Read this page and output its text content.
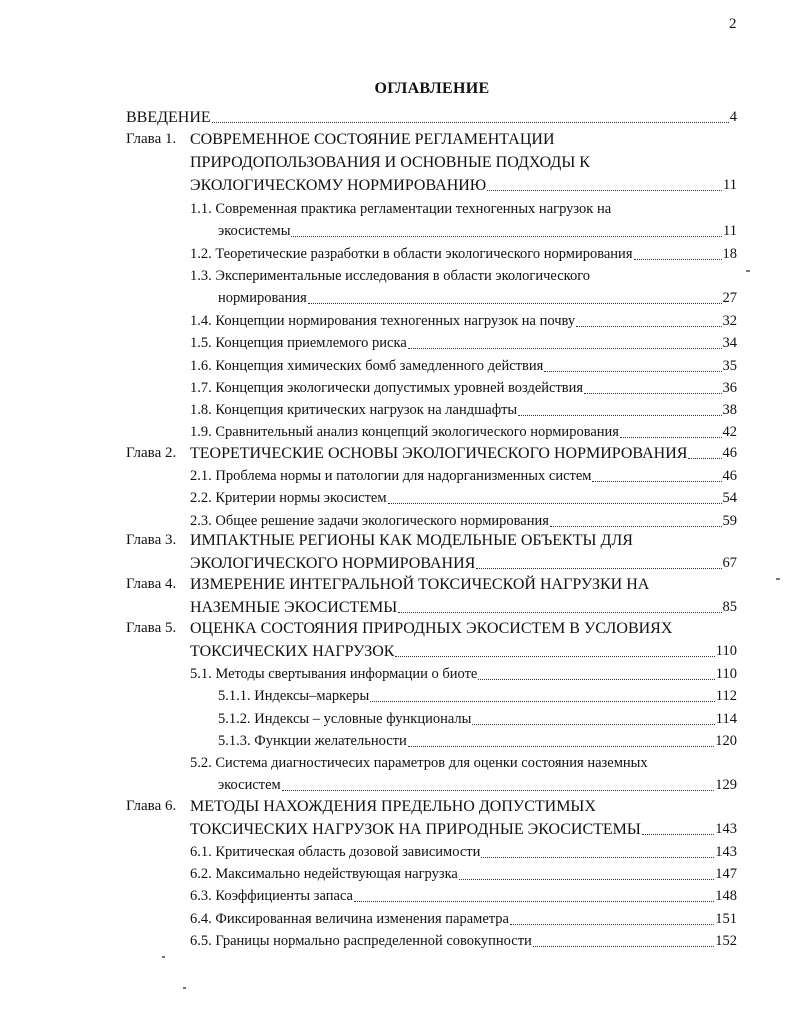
2
ОГЛАВЛЕНИЕ
ВВЕДЕНИЕ	4
Глава 1. СОВРЕМЕННОЕ СОСТОЯНИЕ РЕГЛАМЕНТАЦИИ
ПРИРОДОПОЛЬЗОВАНИЯ И ОСНОВНЫЕ ПОДХОДЫ К
ЭКОЛОГИЧЕСКОМУ НОРМИРОВАНИЮ	11
1.1. Современная практика регламентации техногенных нагрузок на
экосистемы	11
1.2. Теоретические разработки в области экологического нормирования	18
1.3. Экспериментальные исследования в области экологического
нормирования	27
1.4. Концепции нормирования техногенных нагрузок на почву	32
1.5. Концепция приемлемого риска	34
1.6. Концепция химических бомб замедленного действия	35
1.7. Концепция экологически допустимых уровней воздействия	36
1.8. Концепция критических нагрузок на ландшафты	38
1.9. Сравнительный анализ концепций экологического нормирования	42
Глава 2. ТЕОРЕТИЧЕСКИЕ ОСНОВЫ ЭКОЛОГИЧЕСКОГО НОРМИРОВАНИЯ 46
2.1. Проблема нормы и патологии для надорганизменных систем	46
2.2. Критерии нормы экосистем	54
2.3. Общее решение задачи экологического нормирования	59
Глава 3. ИМПАКТНЫЕ РЕГИОНЫ КАК МОДЕЛЬНЫЕ ОБЪЕКТЫ ДЛЯ
ЭКОЛОГИЧЕСКОГО НОРМИРОВАНИЯ	67
Глава 4. ИЗМЕРЕНИЕ ИНТЕГРАЛЬНОЙ ТОКСИЧЕСКОЙ НАГРУЗКИ НА
НАЗЕМНЫЕ ЭКОСИСТЕМЫ	85
Глава 5. ОЦЕНКА СОСТОЯНИЯ ПРИРОДНЫХ ЭКОСИСТЕМ В УСЛОВИЯХ
ТОКСИЧЕСКИХ НАГРУЗОК	110
5.1. Методы свертывания информации о биоте	110
5.1.1. Индексы–маркеры	112
5.1.2. Индексы – условные функционалы	114
5.1.3. Функции желательности	120
5.2. Система диагностичесих параметров для оценки состояния наземных
экосистем	129
Глава 6. МЕТОДЫ НАХОЖДЕНИЯ ПРЕДЕЛЬНО ДОПУСТИМЫХ
ТОКСИЧЕСКИХ НАГРУЗОК НА ПРИРОДНЫЕ ЭКОСИСТЕМЫ	143
6.1. Критическая область дозовой зависимости	143
6.2. Максимально недействующая нагрузка	147
6.3. Коэффициенты запаса	148
6.4. Фиксированная величина изменения параметра	151
6.5. Границы нормально распределенной совокупности	152
